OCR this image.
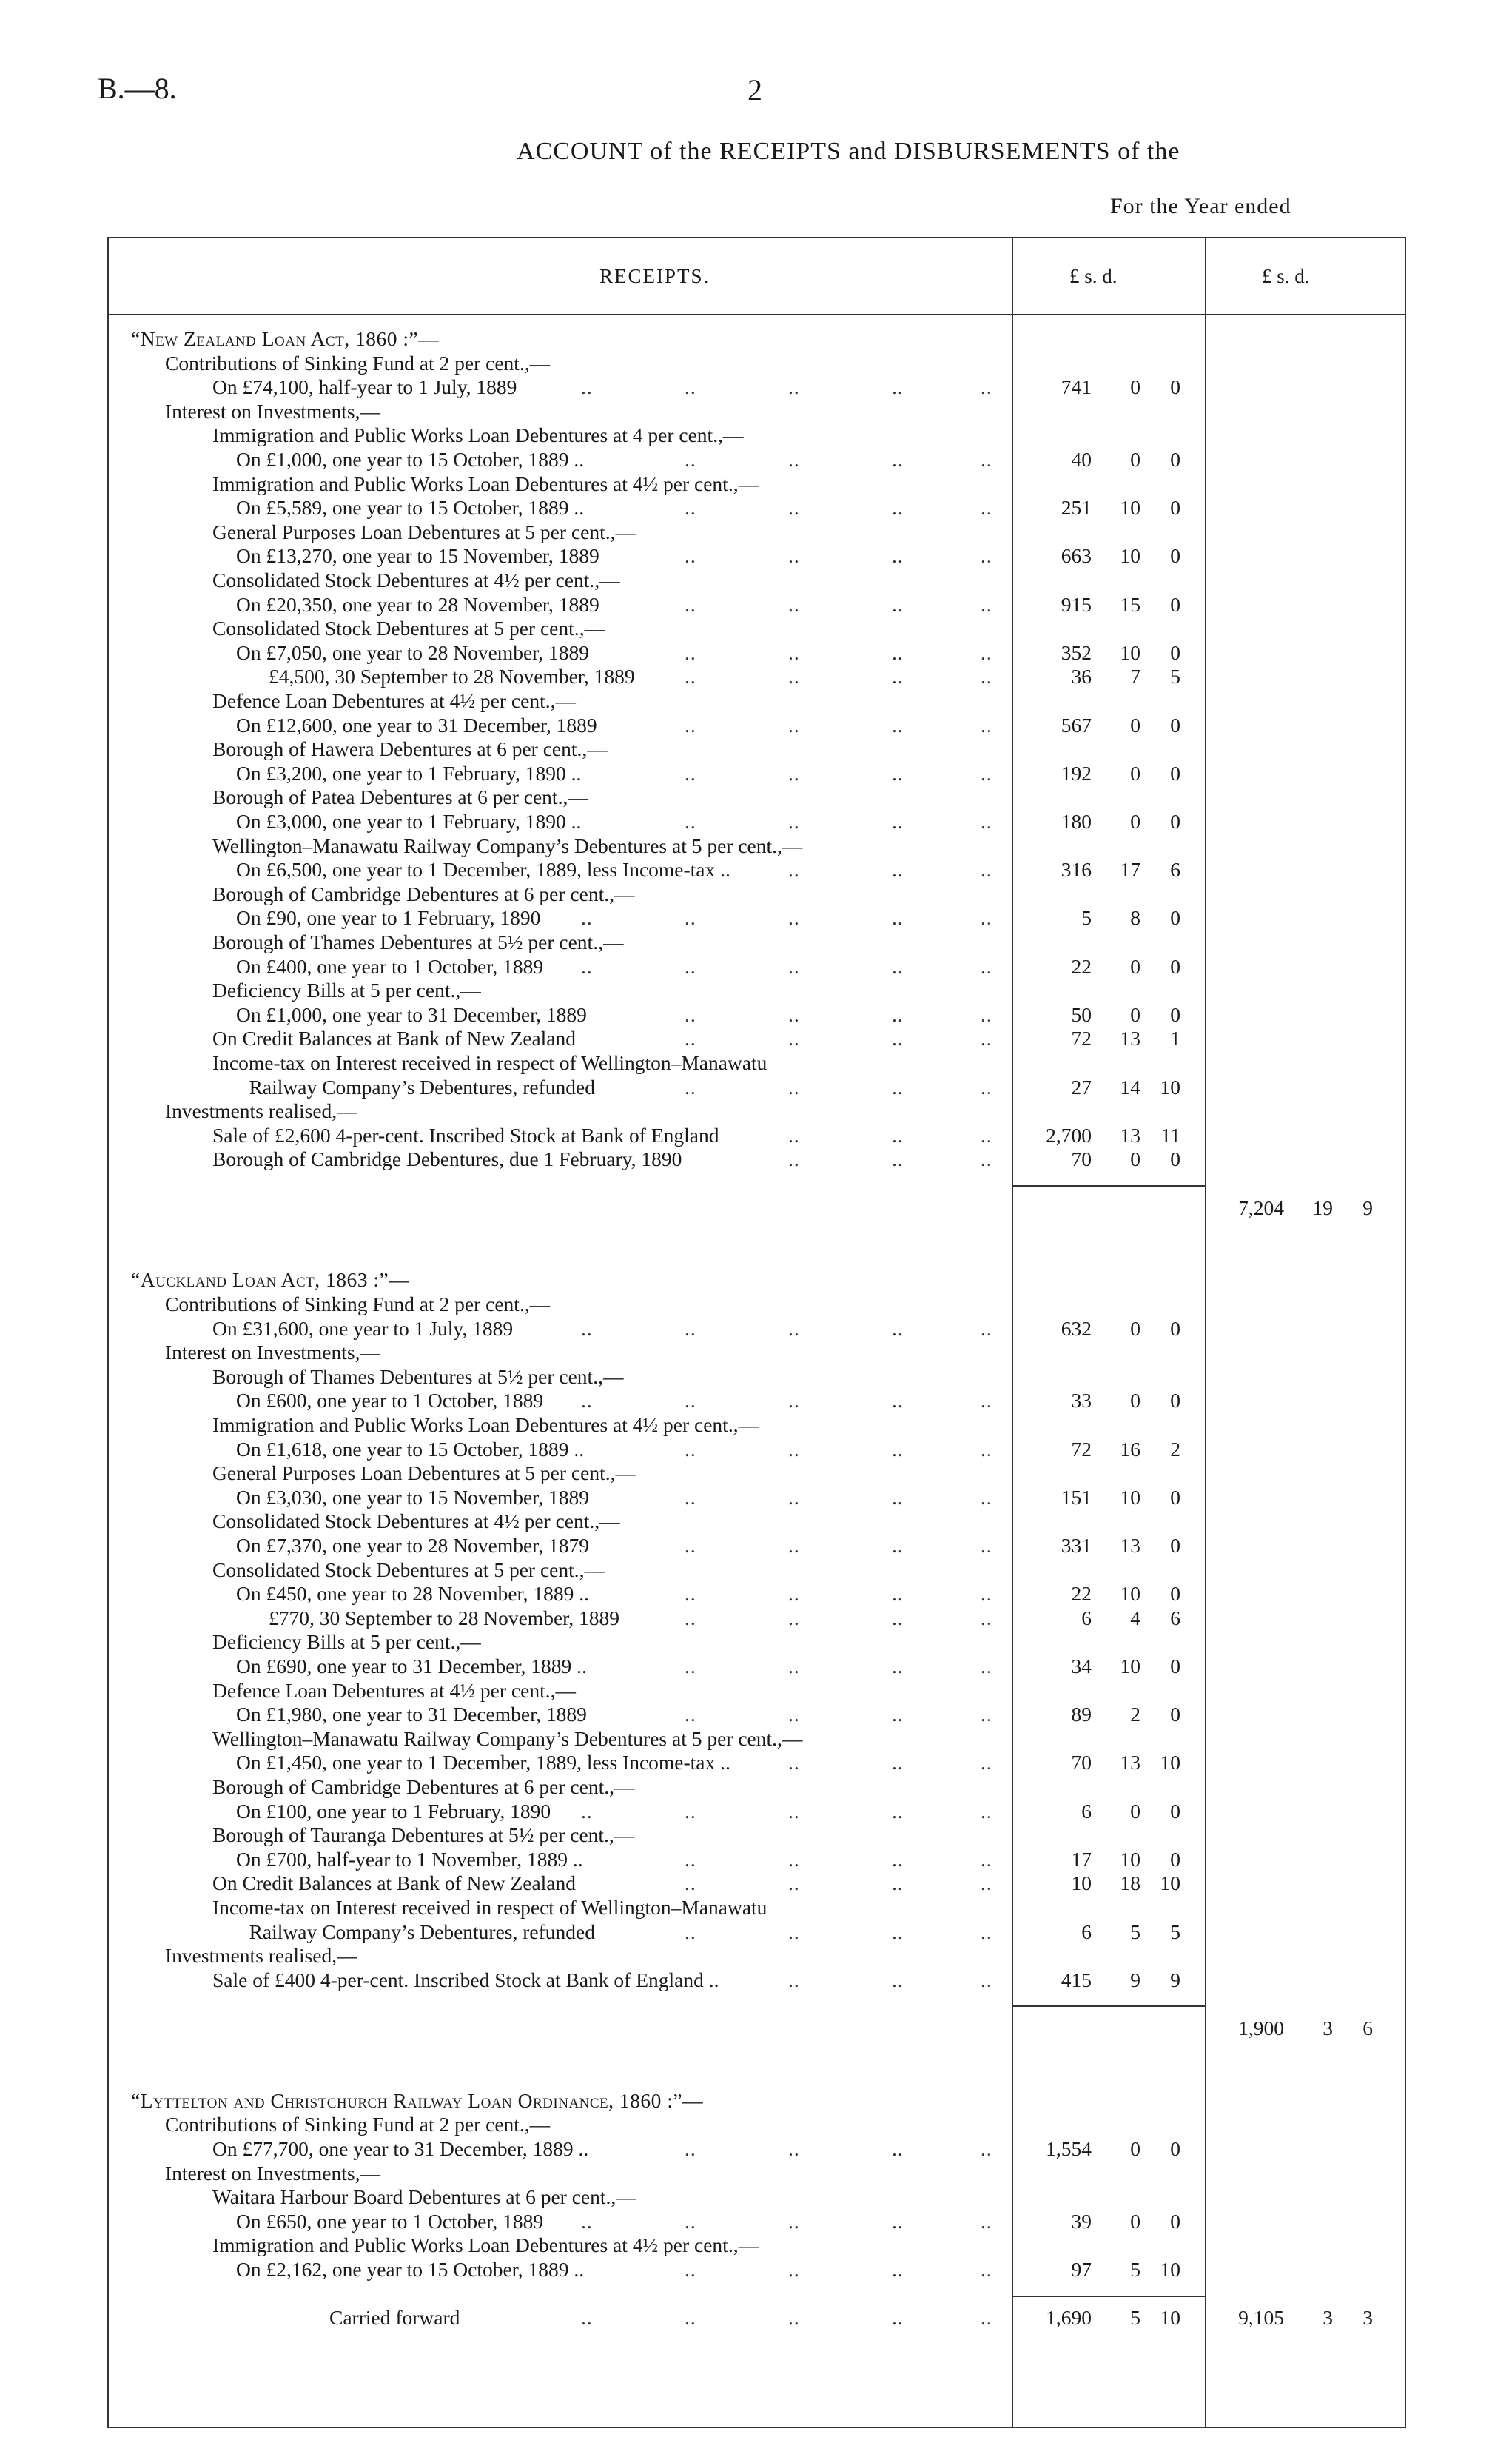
B.—8.	2
ACCOUNT of the RECEIPTS and DISBURSEMENTS of the
For the Year ended
RECEIPTS.	£ s. d.	£ s. d.
“New Zealand Loan Act, 1860 :”—
Contributions of Sinking Fund at 2 per cent.,—
On £74,100, half-year to 1 July, 1889	741 0 0
..	..	..	..	..
Interest on Investments,—
Immigration and Public Works Loan Debentures at 4 per cent.,—
On £1,000, one year to 15 October, 1889 ..	40 0 0
..	..	..	..
Immigration and Public Works Loan Debentures at 4½ per cent.,—
On £5,589, one year to 15 October, 1889 ..	251 10 0
..	..	..	..
General Purposes Loan Debentures at 5 per cent.,—
On £13,270, one year to 15 November, 1889	663 10 0
..	..	..	..
Consolidated Stock Debentures at 4½ per cent.,—
On £20,350, one year to 28 November, 1889	915 15 0
..	..	..	..
Consolidated Stock Debentures at 5 per cent.,—
On £7,050, one year to 28 November, 1889	352 10 0
..	..	..	..
£4,500, 30 September to 28 November, 1889	36 7 5
..	..	..	..
Defence Loan Debentures at 4½ per cent.,—
On £12,600, one year to 31 December, 1889	567 0 0
..	..	..	..
Borough of Hawera Debentures at 6 per cent.,—
On £3,200, one year to 1 February, 1890 ..	192 0 0
..	..	..	..
Borough of Patea Debentures at 6 per cent.,—
On £3,000, one year to 1 February, 1890 ..	180 0 0
..	..	..	..
Wellington–Manawatu Railway Company’s Debentures at 5 per cent.,—
On £6,500, one year to 1 December, 1889, less Income-tax ..	316 17 6
..	..	..
Borough of Cambridge Debentures at 6 per cent.,—
On £90, one year to 1 February, 1890	5 8 0
..	..	..	..	..
Borough of Thames Debentures at 5½ per cent.,—
On £400, one year to 1 October, 1889	22 0 0
..	..	..	..	..
Deficiency Bills at 5 per cent.,—
On £1,000, one year to 31 December, 1889	50 0 0
..	..	..	..
On Credit Balances at Bank of New Zealand	72 13 1
..	..	..	..
Income-tax on Interest received in respect of Wellington–Manawatu
Railway Company’s Debentures, refunded	27 14 10
..	..	..	..
Investments realised,—
Sale of £2,600 4-per-cent. Inscribed Stock at Bank of England	2,700 13 11
..	..	..
Borough of Cambridge Debentures, due 1 February, 1890	70 0 0
..	..	..
7,204 19 9
“Auckland Loan Act, 1863 :”—
Contributions of Sinking Fund at 2 per cent.,—
On £31,600, one year to 1 July, 1889	632 0 0
..	..	..	..	..
Interest on Investments,—
Borough of Thames Debentures at 5½ per cent.,—
On £600, one year to 1 October, 1889	33 0 0
..	..	..	..	..
Immigration and Public Works Loan Debentures at 4½ per cent.,—
On £1,618, one year to 15 October, 1889 ..	72 16 2
..	..	..	..
General Purposes Loan Debentures at 5 per cent.,—
On £3,030, one year to 15 November, 1889	151 10 0
..	..	..	..
Consolidated Stock Debentures at 4½ per cent.,—
On £7,370, one year to 28 November, 1879	331 13 0
..	..	..	..
Consolidated Stock Debentures at 5 per cent.,—
On £450, one year to 28 November, 1889 ..	22 10 0
..	..	..	..
£770, 30 September to 28 November, 1889	6 4 6
..	..	..	..
Deficiency Bills at 5 per cent.,—
On £690, one year to 31 December, 1889 ..	34 10 0
..	..	..	..
Defence Loan Debentures at 4½ per cent.,—
On £1,980, one year to 31 December, 1889	89 2 0
..	..	..	..
Wellington–Manawatu Railway Company’s Debentures at 5 per cent.,—
On £1,450, one year to 1 December, 1889, less Income-tax ..	70 13 10
..	..	..
Borough of Cambridge Debentures at 6 per cent.,—
On £100, one year to 1 February, 1890	6 0 0
..	..	..	..	..
Borough of Tauranga Debentures at 5½ per cent.,—
On £700, half-year to 1 November, 1889 ..	17 10 0
..	..	..	..
On Credit Balances at Bank of New Zealand	10 18 10
..	..	..	..
Income-tax on Interest received in respect of Wellington–Manawatu
Railway Company’s Debentures, refunded	6 5 5
..	..	..	..
Investments realised,—
Sale of £400 4-per-cent. Inscribed Stock at Bank of England ..	415 9 9
..	..	..
1,900 3 6
“Lyttelton and Christchurch Railway Loan Ordinance, 1860 :”—
Contributions of Sinking Fund at 2 per cent.,—
On £77,700, one year to 31 December, 1889 ..	1,554 0 0
..	..	..	..
Interest on Investments,—
Waitara Harbour Board Debentures at 6 per cent.,—
On £650, one year to 1 October, 1889	39 0 0
..	..	..	..	..
Immigration and Public Works Loan Debentures at 4½ per cent.,—
On £2,162, one year to 15 October, 1889 ..	97 5 10
..	..	..	..
Carried forward	1,690 5 10	9,105 3 3
..	..	..	..	..
